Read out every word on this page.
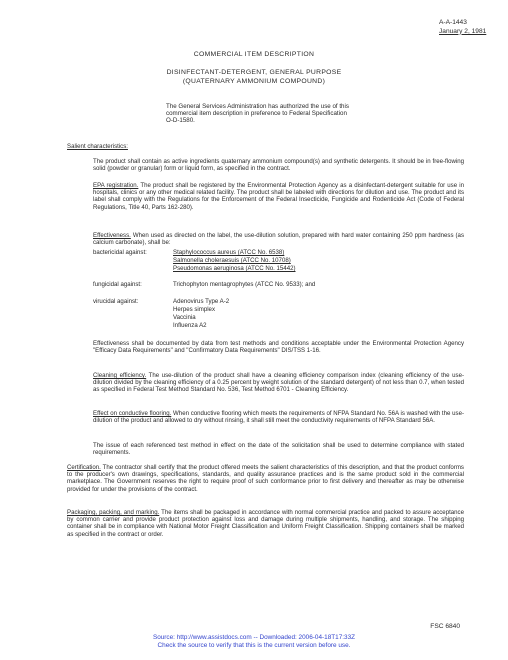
A-A-1443
January 2, 1981
COMMERCIAL ITEM DESCRIPTION
DISINFECTANT-DETERGENT, GENERAL PURPOSE
(QUATERNARY AMMONIUM COMPOUND)
The General Services Administration has authorized the use of this commercial item description in preference to Federal Specification O-D-1580.
Salient characteristics:
The product shall contain as active ingredients quaternary ammonium compound(s) and synthetic detergents. It should be in free-flowing solid (powder or granular) form or liquid form, as specified in the contract.
EPA registration. The product shall be registered by the Environmental Protection Agency as a disinfectant-detergent suitable for use in hospitals, clinics or any other medical related facility. The product shall be labeled with directions for dilution and use. The product and its label shall comply with the Regulations for the Enforcement of the Federal Insecticide, Fungicide and Rodenticide Act (Code of Federal Regulations, Title 40, Parts 162-280).
Effectiveness. When used as directed on the label, the use-dilution solution, prepared with hard water containing 250 ppm hardness (as calcium carbonate), shall be:
bactericidal against:	Staphylococcus aureus (ATCC No. 6538)
Salmonella choleraesuis (ATCC No. 10708)
Pseudomonas aeruginosa (ATCC No. 15442)
fungicidal against:	Trichophyton mentagrophytes (ATCC No. 9533); and
virucidal against:	Adenovirus Type A-2
Herpes simplex
Vaccinia
Influenza A2
Effectiveness shall be documented by data from test methods and conditions acceptable under the Environmental Protection Agency "Efficacy Data Requirements" and "Confirmatory Data Requirements" DIS/TSS 1-16.
Cleaning efficiency. The use-dilution of the product shall have a cleaning efficiency comparison index (cleaning efficiency of the use-dilution divided by the cleaning efficiency of a 0.25 percent by weight solution of the standard detergent) of not less than 0.7, when tested as specified in Federal Test Method Standard No. 536, Test Method 6701 - Cleaning Efficiency.
Effect on conductive flooring. When conductive flooring which meets the requirements of NFPA Standard No. 56A is washed with the use-dilution of the product and allowed to dry without rinsing, it shall still meet the conductivity requirements of NFPA Standard 56A.
The issue of each referenced test method in effect on the date of the solicitation shall be used to determine compliance with stated requirements.
Certification. The contractor shall certify that the product offered meets the salient characteristics of this description, and that the product conforms to the producer's own drawings, specifications, standards, and quality assurance practices and is the same product sold in the commercial marketplace. The Government reserves the right to require proof of such conformance prior to first delivery and thereafter as may be otherwise provided for under the provisions of the contract.
Packaging, packing, and marking. The items shall be packaged in accordance with normal commercial practice and packed to assure acceptance by common carrier and provide product protection against loss and damage during multiple shipments, handling, and storage. The shipping container shall be in compliance with National Motor Freight Classification and Uniform Freight Classification. Shipping containers shall be marked as specified in the contract or order.
FSC 6840
Source: http://www.assistdocs.com -- Downloaded: 2006-04-18T17:33Z
Check the source to verify that this is the current version before use.
